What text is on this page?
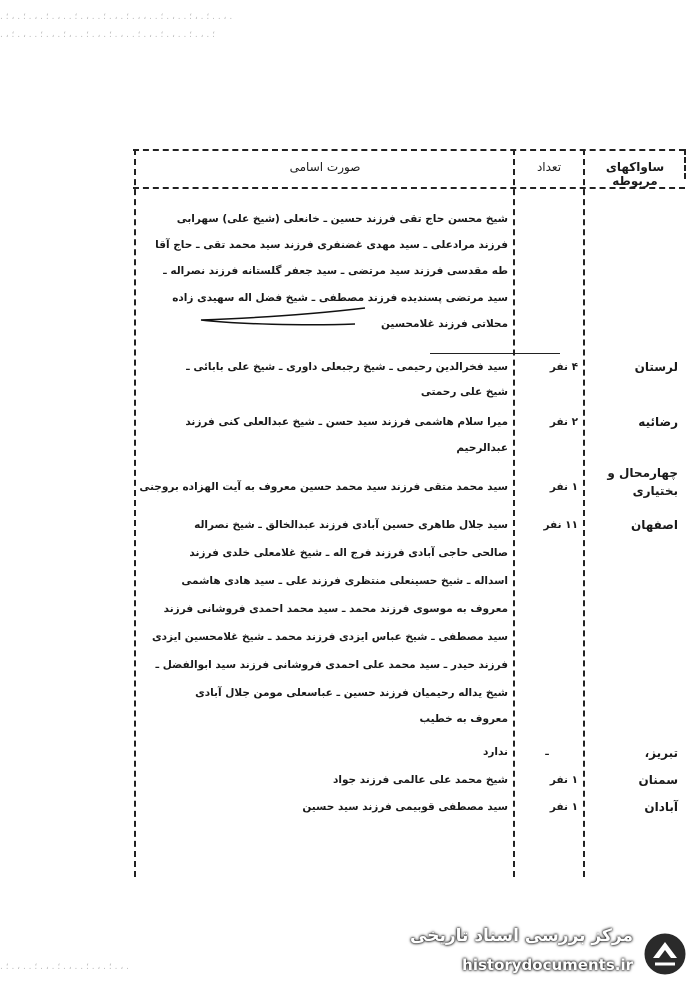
. ؛ . ، ؛ . . ، . ؛ . . ، ، . ؛ . ، . ؛ . . ، . ؛ . . ، . ؛ . ، . ؛ . ، ؛ . . ، .
. ، ؛ . ، . ؛ . . ، . ؛ . ، . ؛ . . ، . ؛ . ، . ؛ . . ، ؛ . ، . ؛ . . ، . ؛
. ؛ . ، . ؛ . . ، . ؛ . ، . ؛ . . ، . ؛ . ، .
ساواکهای مربوطه
تعداد
صورت اسامی
شیخ محسن حاج تقی فرزند حسین ـ خانعلی (شیخ علی) سهرابی
فرزند مرادعلی ـ سید مهدی غضنفری فرزند سید محمد تقی ـ حاج آقا
طه مقدسی فرزند سید مرتضی ـ سید جعفر گلستانه فرزند نصراله ـ
سید مرتضی پسندیده فرزند مصطفی ـ شیخ فضل اله سهیدی زاده
محلاتی فرزند غلامحسین
لرستان
۴ نفر
سید فخرالدین رحیمی ـ شیخ رجبعلی داوری ـ شیخ علی بابائی ـ
شیخ علی رحمتی
رضائیه
۲ نفر
میرا سلام هاشمی فرزند سید حسن ـ شیخ عبدالعلی کنی فرزند
عبدالرحیم
چهارمحال و بختیاری
۱ نفر
سید محمد متقی فرزند سید محمد حسین معروف به آیت الهزاده بروجنی
اصفهان
۱۱ نفر
سید جلال طاهری حسین آبادی فرزند عبدالخالق ـ شیخ نصراله
صالحی حاجی آبادی فرزند فرج اله ـ شیخ غلامعلی خلدی فرزند
اسداله ـ شیخ حسینعلی منتظری فرزند علی ـ سید هادی هاشمی
معروف به موسوی فرزند محمد ـ سید محمد احمدی فروشانی فرزند
سید مصطفی ـ شیخ عباس ایزدی فرزند محمد ـ شیخ غلامحسین ایزدی
فرزند حیدر ـ سید محمد علی احمدی فروشانی فرزند سید ابوالفضل ـ
شیخ یداله رحیمیان فرزند حسین ـ عباسعلی مومن جلال آبادی
معروف به خطیب
تبریز،
ـ
ندارد
سمنان
۱ نفر
شیخ محمد علی عالمی فرزند جواد
آبادان
۱ نفر
سید مصطفی قوبیمی فرزند سید حسین
مرکز بررسی اسناد تاریخی
historydocuments.ir
